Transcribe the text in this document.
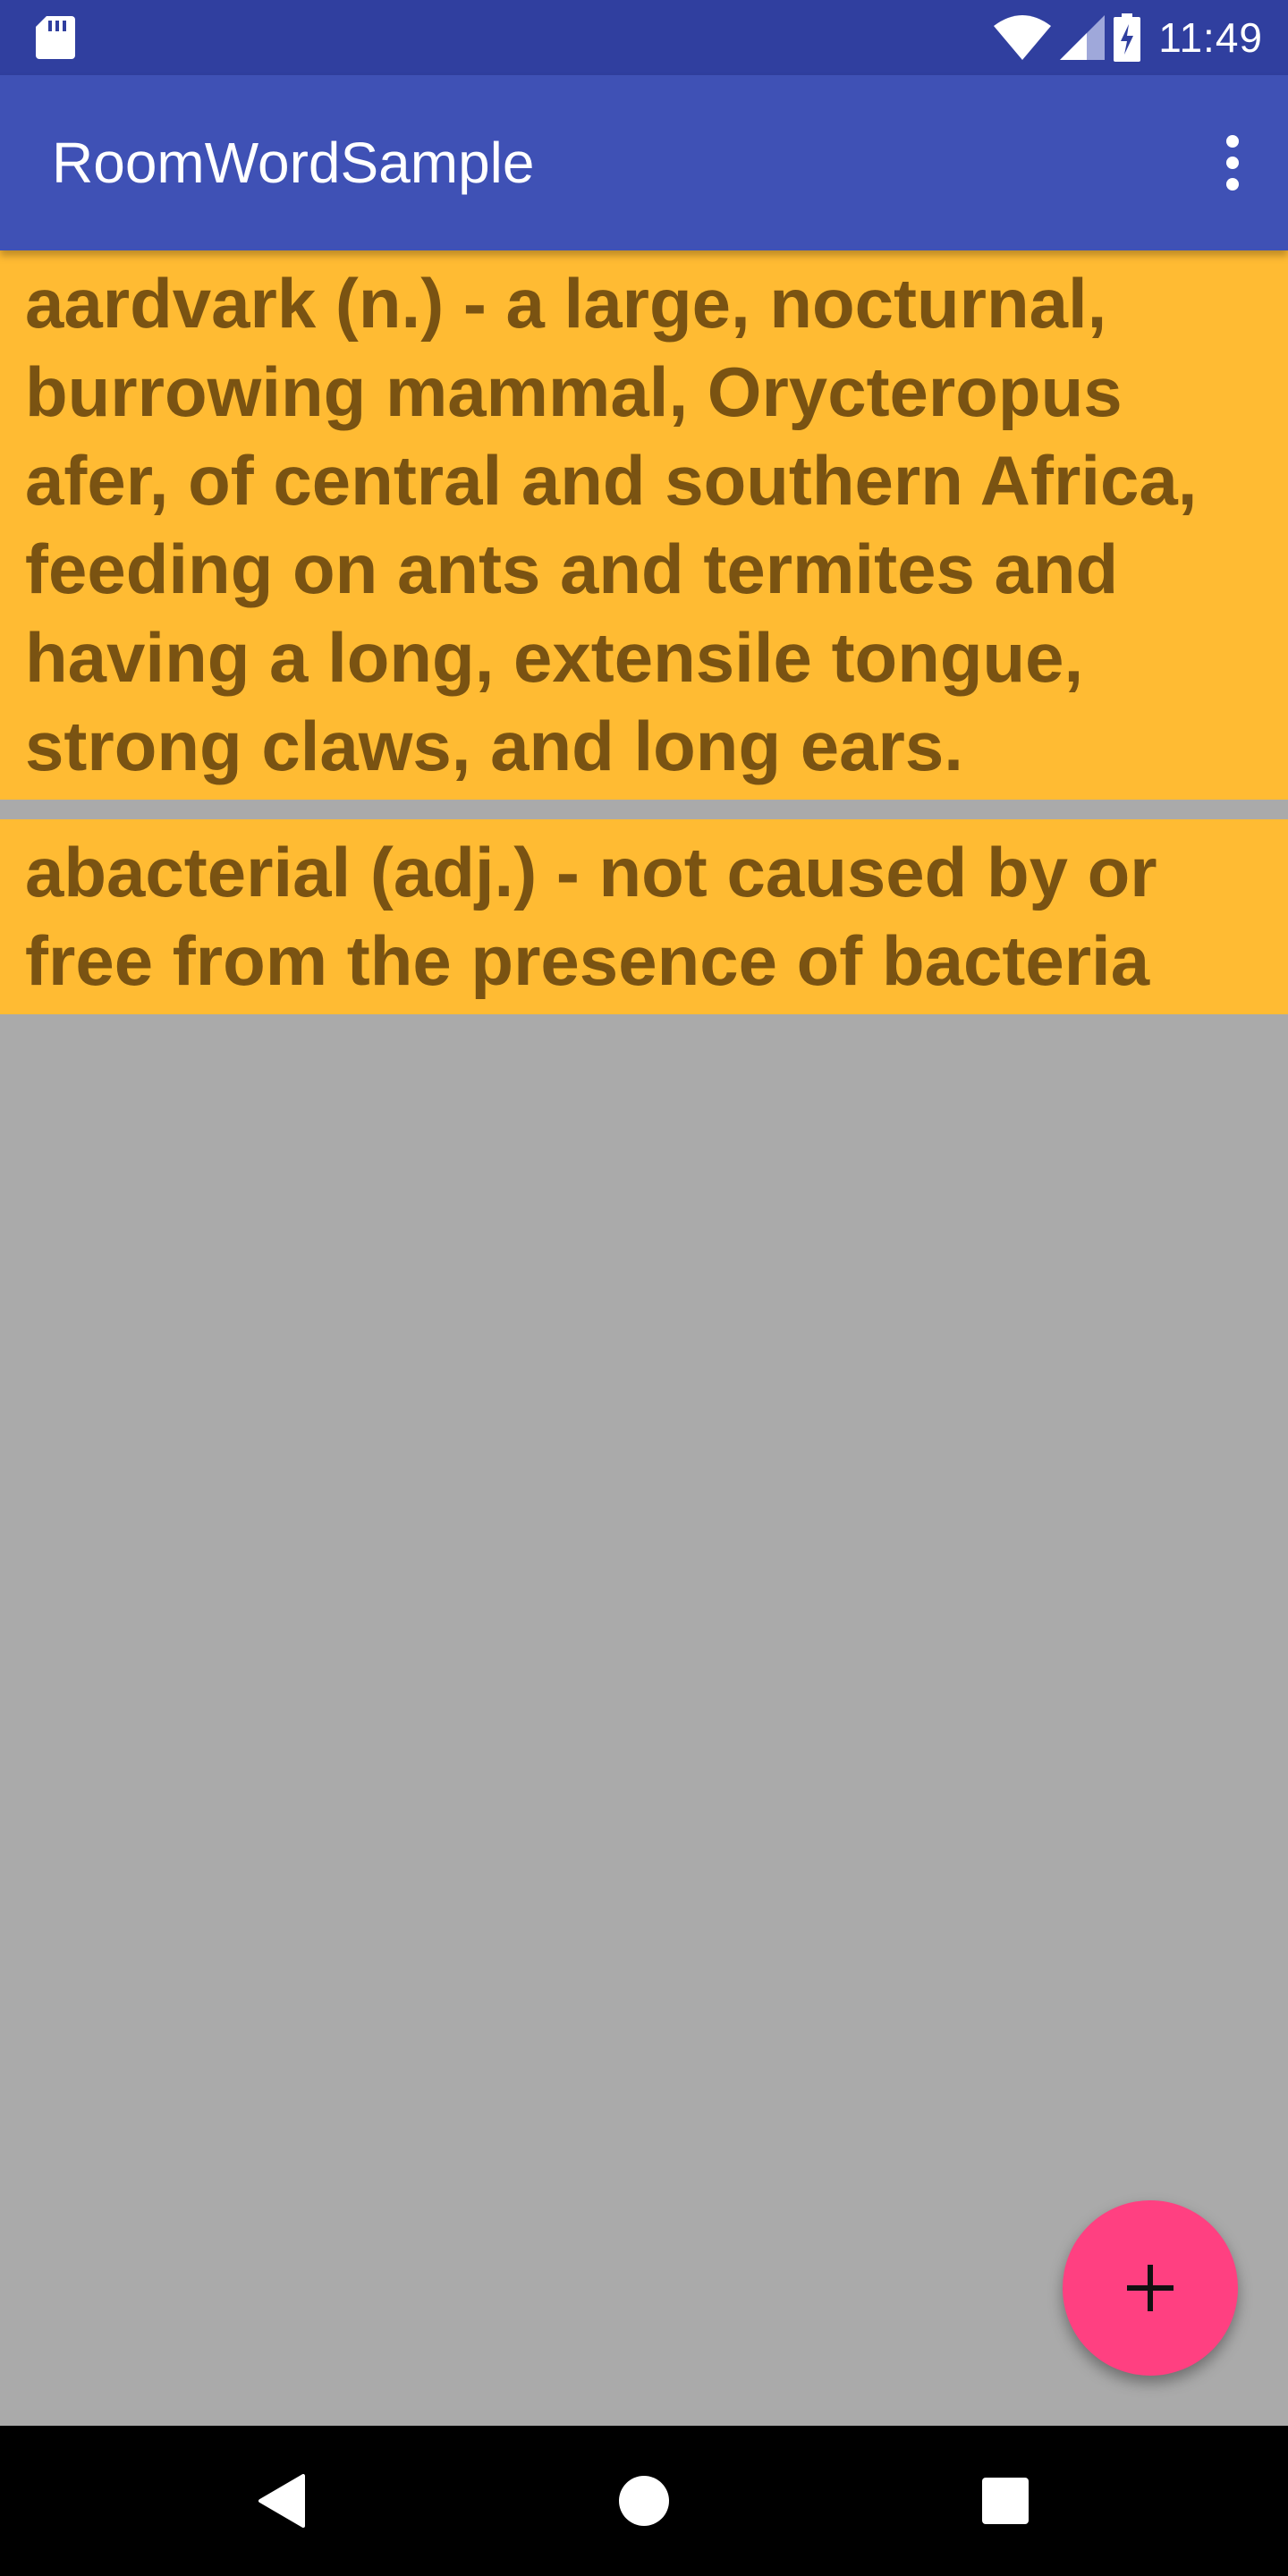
11:49
RoomWordSample
aardvark (n.) - a large, nocturnal, burrowing mammal, Orycteropus afer, of central and southern Africa, feeding on ants and termites and having a long, extensile tongue, strong claws, and long ears.
abacterial (adj.) - not caused by or free from the presence of bacteria
